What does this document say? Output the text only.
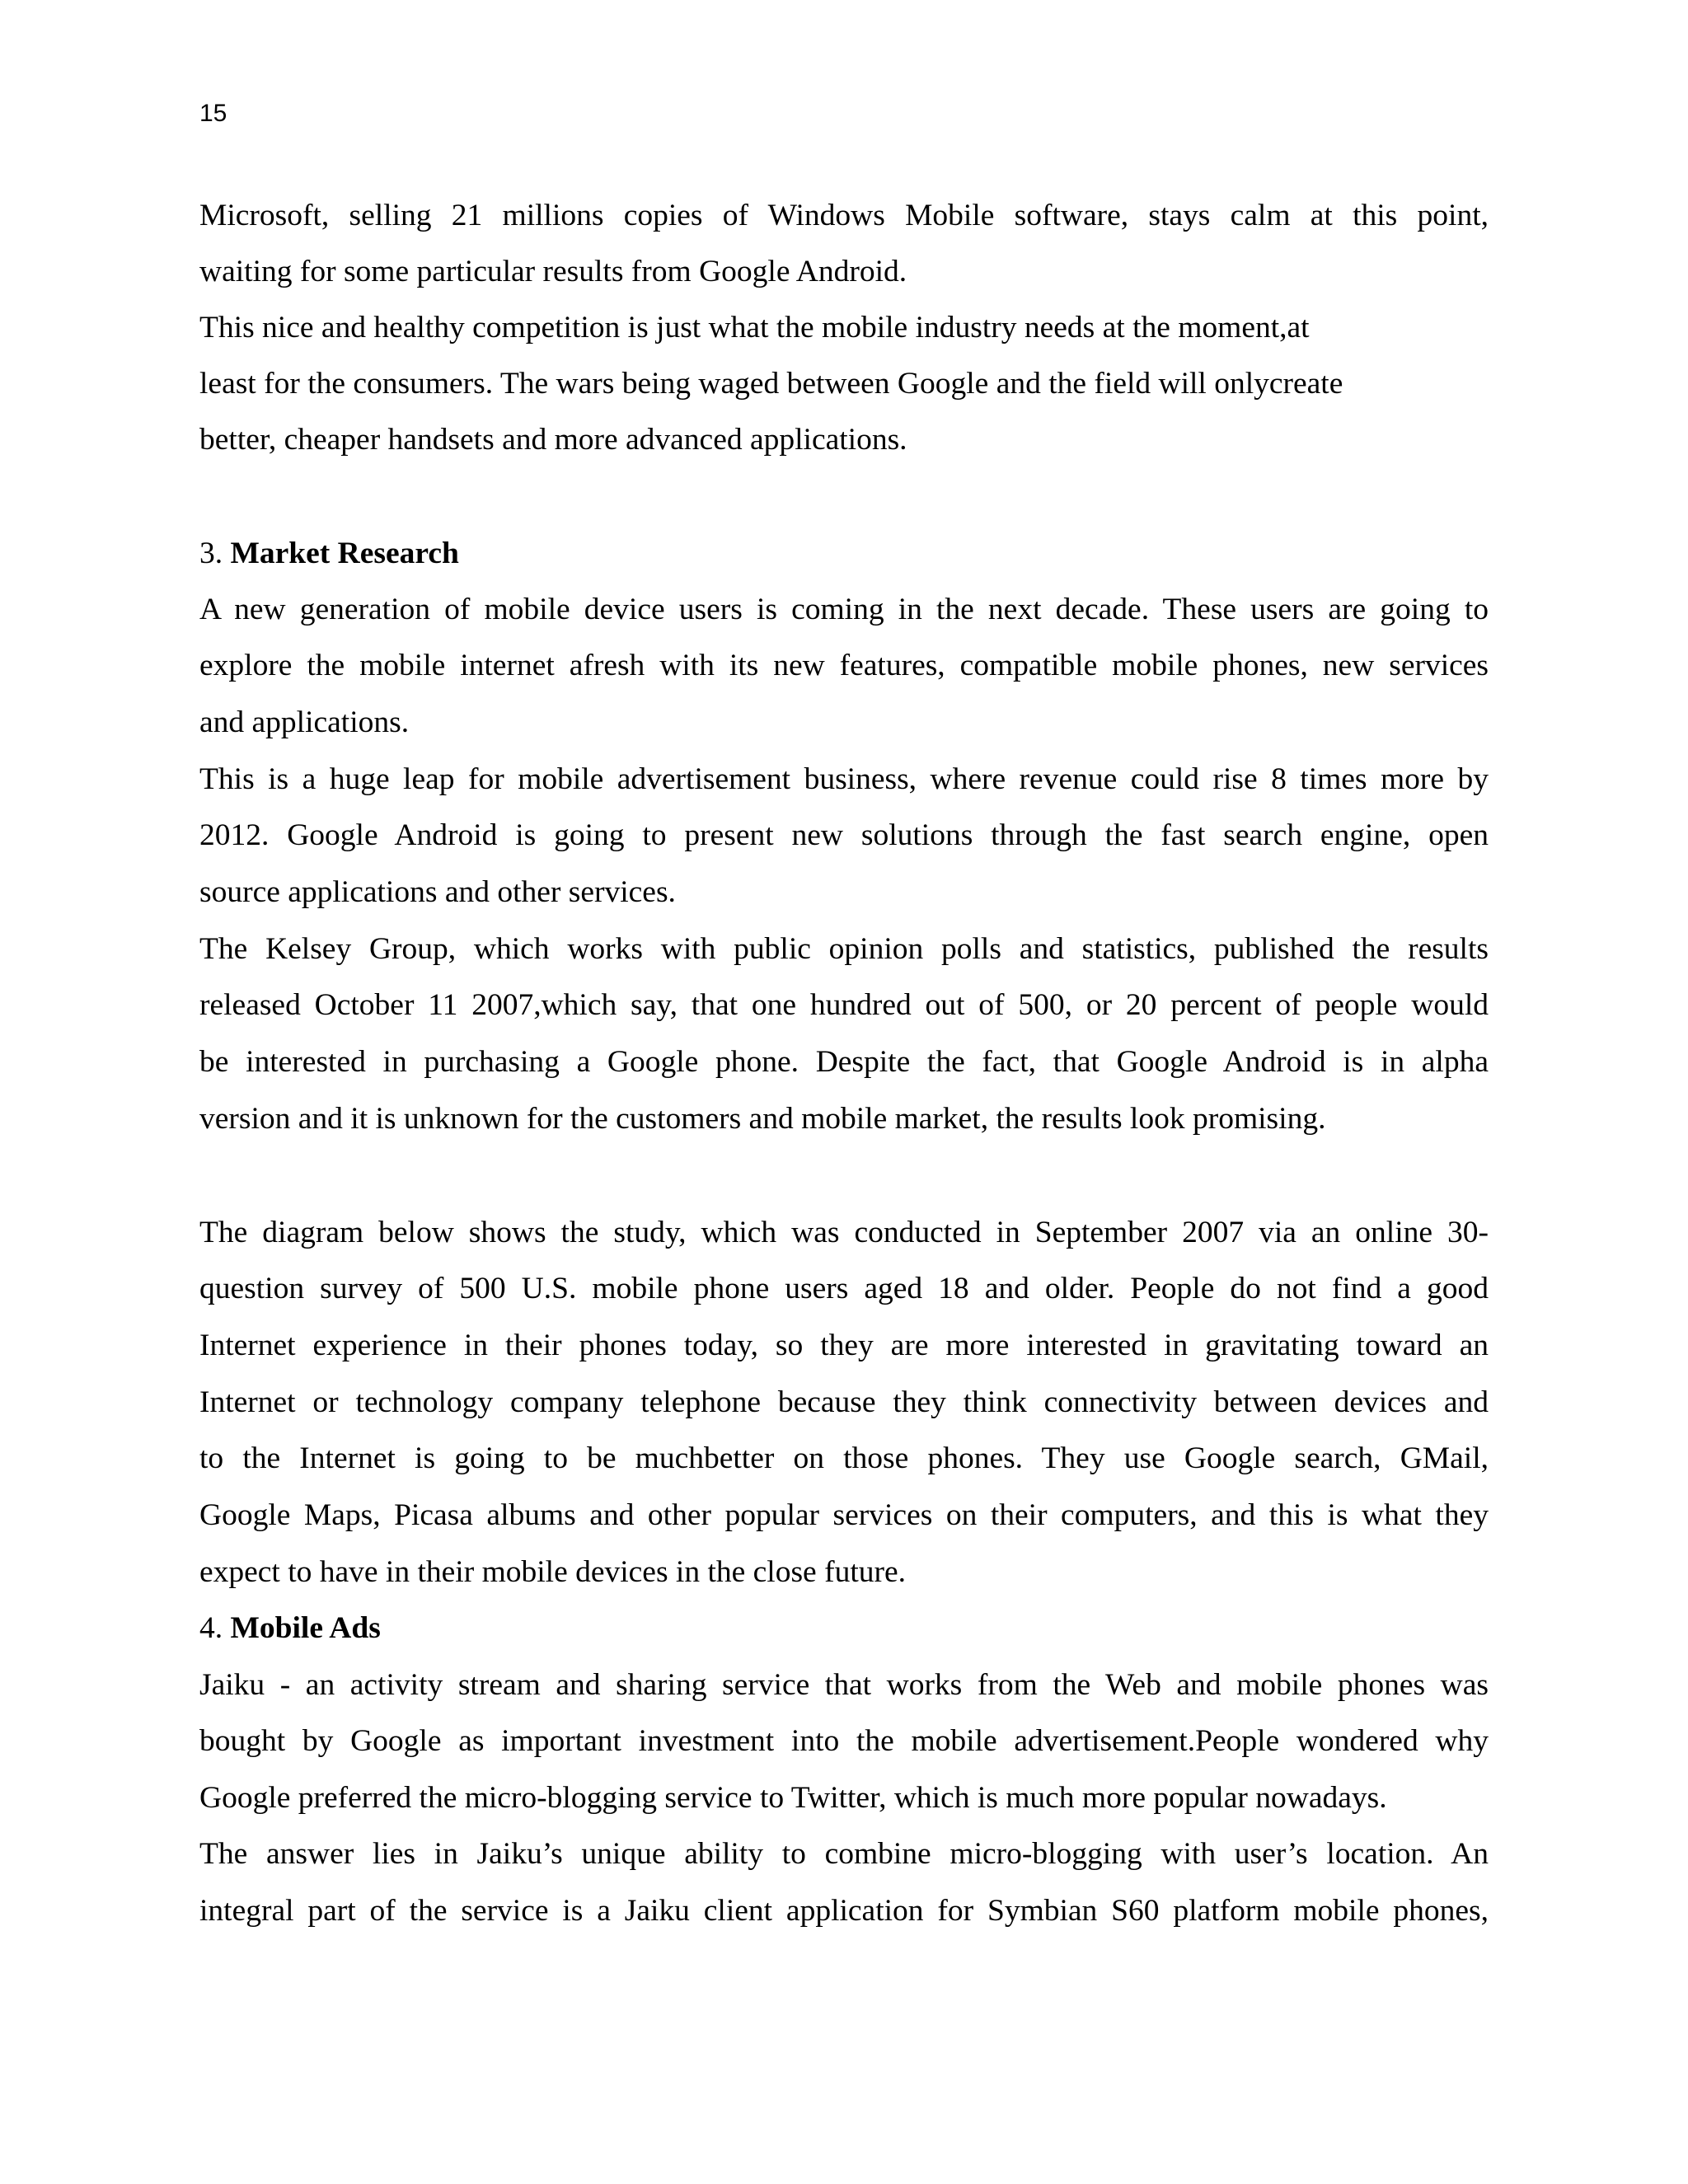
15
Microsoft, selling 21 millions copies of Windows Mobile software, stays calm at this point,
waiting for some particular results from Google Android.
This nice and healthy competition is just what the mobile industry needs at the moment,at
least for the consumers. The wars being waged between Google and the field will onlycreate
better, cheaper handsets and more advanced applications.
3. Market Research
A new generation of mobile device users is coming in the next decade. These users are going to
explore the mobile internet afresh with its new features, compatible mobile phones, new services
and applications.
This is a huge leap for mobile advertisement business, where revenue could rise 8 times more by
2012. Google Android is going to present new solutions through the fast search engine, open
source applications and other services.
The Kelsey Group, which works with public opinion polls and statistics, published the results
released October 11 2007,which say, that one hundred out of 500, or 20 percent of people would
be interested in purchasing a Google phone. Despite the fact, that Google Android is in alpha
version and it is unknown for the customers and mobile market, the results look promising.
The diagram below shows the study, which was conducted in September 2007 via an online 30-
question survey of 500 U.S. mobile phone users aged 18 and older. People do not find a good
Internet experience in their phones today, so they are more interested in gravitating toward an
Internet or technology company telephone because they think connectivity between devices and
to the Internet is going to be muchbetter on those phones. They use Google search, GMail,
Google Maps, Picasa albums and other popular services on their computers, and this is what they
expect to have in their mobile devices in the close future.
4. Mobile Ads
Jaiku - an activity stream and sharing service that works from the Web and mobile phones was
bought by Google as important investment into the mobile advertisement.People wondered why
Google preferred the micro-blogging service to Twitter, which is much more popular nowadays.
The answer lies in Jaiku’s unique ability to combine micro-blogging with user’s location. An
integral part of the service is a Jaiku client application for Symbian S60 platform mobile phones,
